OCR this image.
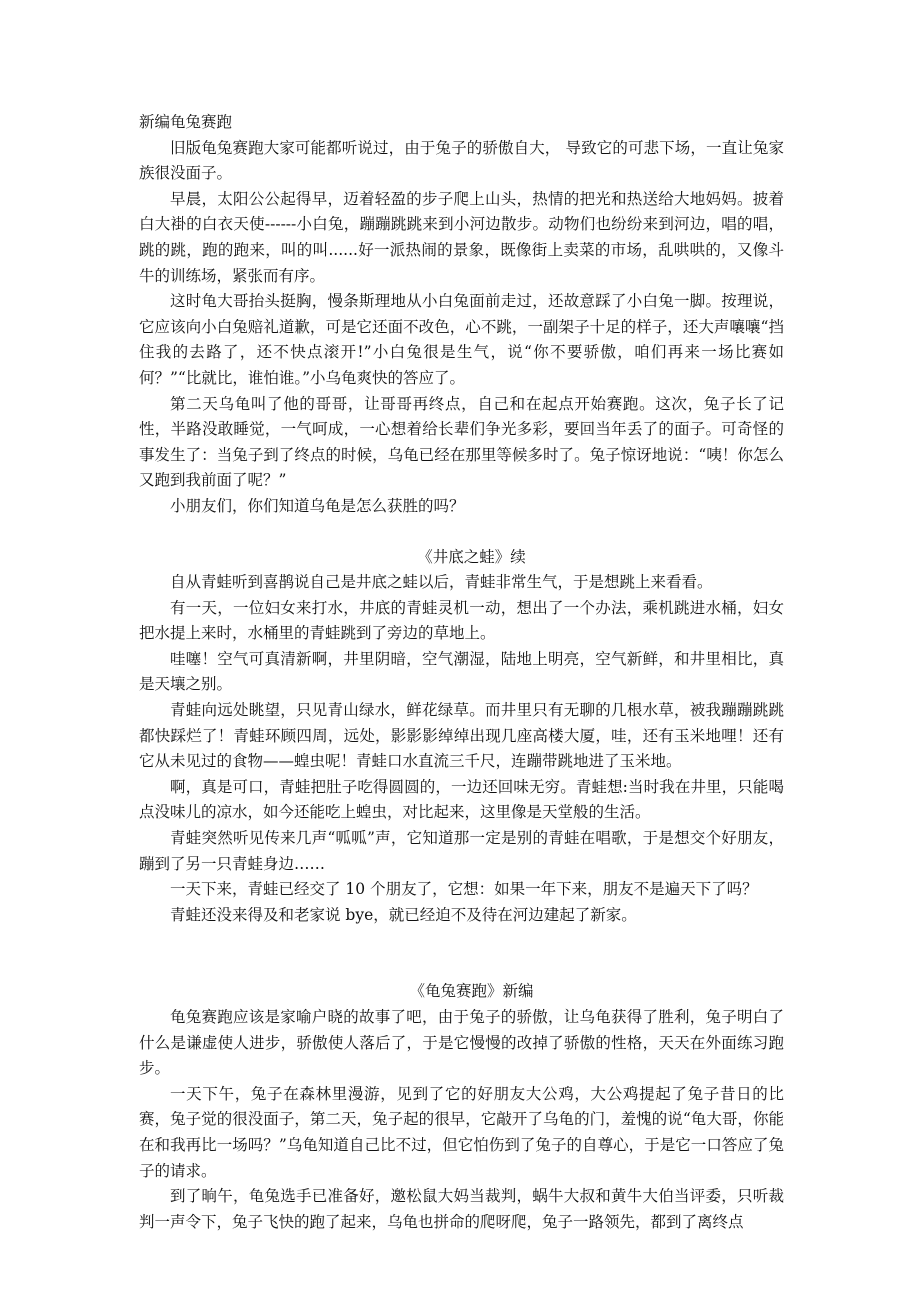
新编龟兔赛跑

旧版龟兔赛跑大家可能都听说过，由于兔子的骄傲自大， 导致它的可悲下场，一直让兔家族很没面子。

早晨，太阳公公起得早，迈着轻盈的步子爬上山头，热情的把光和热送给大地妈妈。披着白大褂的白衣天使------小白兔，蹦蹦跳跳来到小河边散步。动物们也纷纷来到河边，唱的唱，跳的跳，跑的跑来，叫的叫......好一派热闹的景象，既像街上卖菜的市场，乱哄哄的，又像斗牛的训练场，紧张而有序。

这时龟大哥抬头挺胸，慢条斯理地从小白兔面前走过，还故意踩了小白兔一脚。按理说，它应该向小白兔赔礼道歉，可是它还面不改色，心不跳，一副架子十足的样子，还大声嚷嚷“挡住我的去路了，还不快点滚开!”小白兔很是生气，说“你不要骄傲，咱们再来一场比赛如何？”“比就比，谁怕谁。”小乌龟爽快的答应了。

第二天乌龟叫了他的哥哥，让哥哥再终点，自己和在起点开始赛跑。这次，兔子长了记性，半路没敢睡觉，一气呵成，一心想着给长辈们争光多彩，要回当年丢了的面子。可奇怪的事发生了：当兔子到了终点的时候，乌龟已经在那里等候多时了。兔子惊讶地说：“咦！你怎么又跑到我前面了呢？”

小朋友们，你们知道乌龟是怎么获胜的吗？

《井底之蛙》续

自从青蛙听到喜鹊说自己是井底之蛙以后，青蛙非常生气，于是想跳上来看看。

有一天，一位妇女来打水，井底的青蛙灵机一动，想出了一个办法，乘机跳进水桶，妇女把水提上来时，水桶里的青蛙跳到了旁边的草地上。

哇噻！空气可真清新啊，井里阴暗，空气潮湿，陆地上明亮，空气新鲜，和井里相比，真是天壤之别。

青蛙向远处眺望，只见青山绿水，鲜花绿草。而井里只有无聊的几根水草，被我蹦蹦跳跳都快踩烂了！青蛙环顾四周，远处，影影影绰绰出现几座高楼大厦，哇，还有玉米地哩！还有它从未见过的食物——蝗虫呢！青蛙口水直流三千尺，连蹦带跳地进了玉米地。

啊，真是可口，青蛙把肚子吃得圆圆的，一边还回味无穷。青蛙想:当时我在井里，只能喝点没味儿的凉水，如今还能吃上蝗虫，对比起来，这里像是天堂般的生活。

青蛙突然听见传来几声“呱呱”声，它知道那一定是别的青蛙在唱歌，于是想交个好朋友，蹦到了另一只青蛙身边……

一天下来，青蛙已经交了 10 个朋友了，它想：如果一年下来，朋友不是遍天下了吗？

青蛙还没来得及和老家说 bye，就已经迫不及待在河边建起了新家。

《龟兔赛跑》新编

龟兔赛跑应该是家喻户晓的故事了吧，由于兔子的骄傲，让乌龟获得了胜利，兔子明白了什么是谦虚使人进步，骄傲使人落后了，于是它慢慢的改掉了骄傲的性格，天天在外面练习跑步。

一天下午，兔子在森林里漫游，见到了它的好朋友大公鸡，大公鸡提起了兔子昔日的比赛，兔子觉的很没面子，第二天，兔子起的很早，它敲开了乌龟的门，羞愧的说“龟大哥，你能在和我再比一场吗？”乌龟知道自己比不过，但它怕伤到了兔子的自尊心，于是它一口答应了兔子的请求。

到了晌午，龟兔选手已准备好，邀松鼠大妈当裁判，蜗牛大叔和黄牛大伯当评委，只听裁判一声令下，兔子飞快的跑了起来，乌龟也拼命的爬呀爬，兔子一路领先，都到了离终点
